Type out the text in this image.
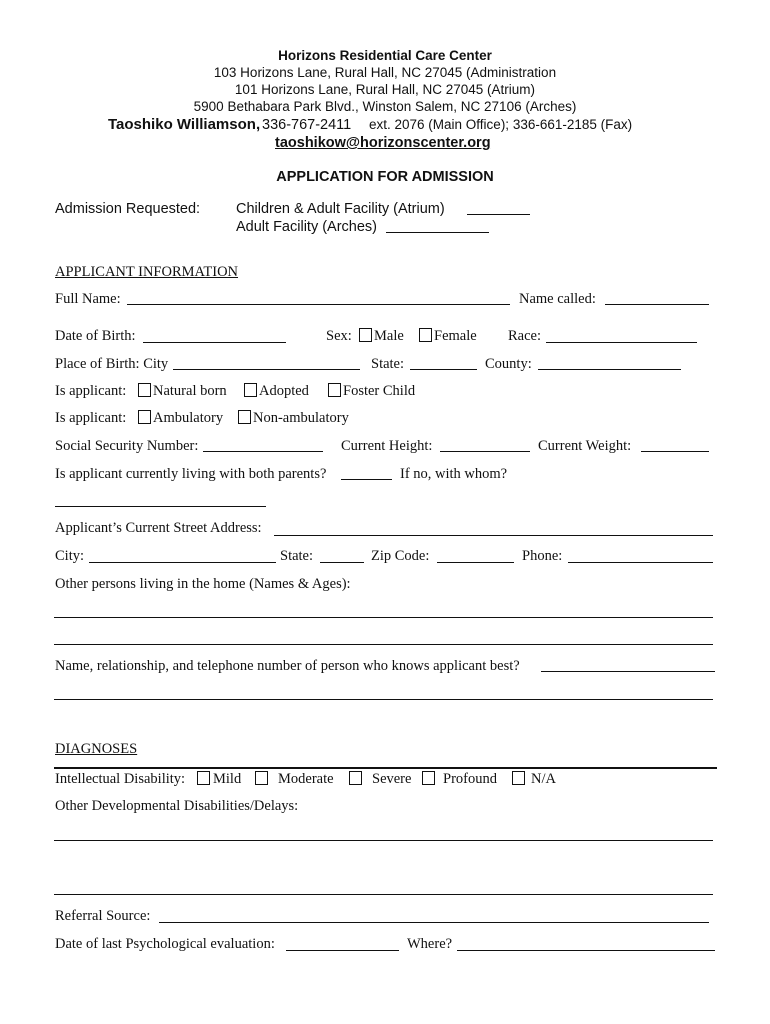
Horizons Residential Care Center
103 Horizons Lane, Rural Hall, NC 27045 (Administration
101 Horizons Lane, Rural Hall, NC 27045 (Atrium)
5900 Bethabara Park Blvd., Winston Salem, NC 27106 (Arches)
Taoshiko Williamson, 336-767-2411 ext. 2076 (Main Office); 336-661-2185 (Fax)
taoshikow@horizonscenter.org
APPLICATION FOR ADMISSION
Admission Requested: Children & Adult Facility (Atrium)
Adult Facility (Arches)
APPLICANT INFORMATION
Full Name:	Name called:
Date of Birth:	Sex: Male Female Race:
Place of Birth: City	State:	County:
Is applicant: Natural born Adopted Foster Child
Is applicant: Ambulatory Non-ambulatory
Social Security Number:	Current Height:	Current Weight:
Is applicant currently living with both parents?	If no, with whom?
Applicant’s Current Street Address:
City:	State:	Zip Code:	Phone:
Other persons living in the home (Names & Ages):
Name, relationship, and telephone number of person who knows applicant best?
DIAGNOSES
Intellectual Disability: Mild	Moderate	Severe Profound N/A
Other Developmental Disabilities/Delays:
Referral Source:
Date of last Psychological evaluation:	Where?
